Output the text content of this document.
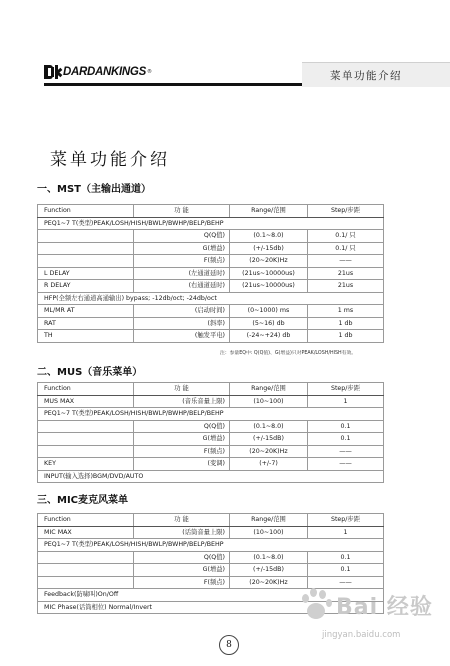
DARDANKINGS ®	菜单功能介绍
菜单功能介绍
一、MST（主输出通道）
Function	功 能	Range/范围	Step/步距
PEQ1~7 T(类型)PEAK/LOSH/HISH/BWLP/BWHP/BELP/BEHP			
	Q(Q值)	(0.1~8.0)	0.1/ 只
	G(增益)	(+/-15db)	0.1/ 只
	F(频点)	(20~20K)Hz	——
L DELAY	(左通道延时)	(21us~10000us)	21us
R DELAY	(右通道延时)	(21us~10000us)	21us
HFP(全频左右通道高通输出) bypass; -12db/oct; -24db/oct			
ML/MR AT	(启动时间)	(0~1000) ms	1 ms
RAT	(斜率)	(5~16) db	1 db
TH	(触发平电)	(-24~+24) db	1 db
注：参量EQ中: Q(Q值)、G(增益)只对PEAK/LOSH/HISH有效。
二、MUS（音乐菜单）
Function	功 能	Range/范围	Step/步距
MUS MAX	(音乐音量上限)	(10~100)	1
PEQ1~7 T(类型)PEAK/LOSH/HISH/BWLP/BWHP/BELP/BEHP			
	Q(Q值)	(0.1~8.0)	0.1
	G(增益)	(+/-15dB)	0.1
	F(频点)	(20~20K)Hz	——
KEY	(变调)	(+/-7)	——
INPUT(输入选择)BGM/DVD/AUTO			
三、MIC麦克风菜单
Function	功 能	Range/范围	Step/步距
MIC MAX	(话筒音量上限)	(10~100)	1
PEQ1~7 T(类型)PEAK/LOSH/HISH/BWLP/BWHP/BELP/BEHP			
	Q(Q值)	(0.1~8.0)	0.1
	G(增益)	(+/-15dB)	0.1
	F(频点)	(20~20K)Hz	——
Feedback(防啸叫)On/Off			
MIC Phase(话筒相位) Normal/Invert			
8
Bai 经验
jingyan.baidu.com
